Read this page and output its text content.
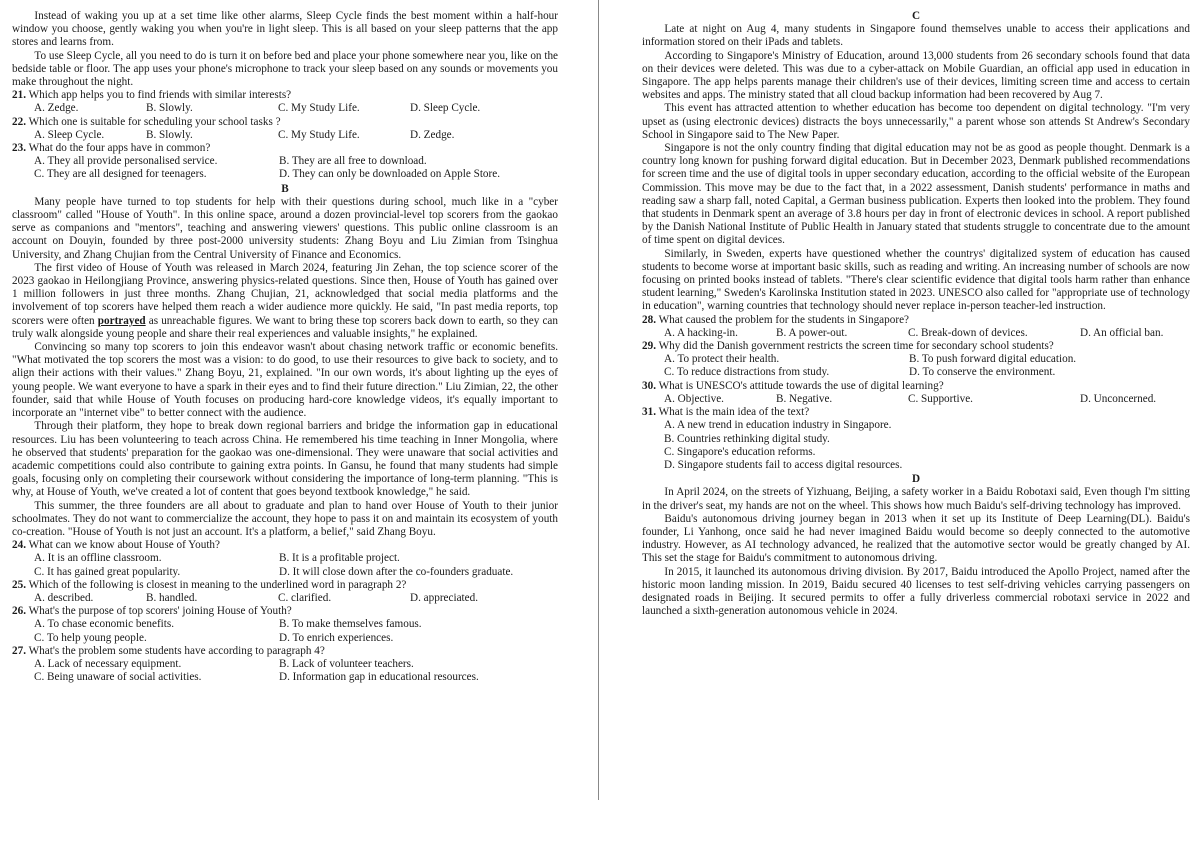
Instead of waking you up at a set time like other alarms, Sleep Cycle finds the best moment within a half-hour window you choose, gently waking you when you're in light sleep. This is all based on your sleep patterns that the app stores and learns from.

To use Sleep Cycle, all you need to do is turn it on before bed and place your phone somewhere near you, like on the bedside table or floor. The app uses your phone's microphone to track your sleep based on any sounds or movements you make throughout the night.

21. Which app helps you to find friends with similar interests?

A. Zedge.	B. Slowly.	C. My Study Life.	D. Sleep Cycle.

22. Which one is suitable for scheduling your school tasks ?

A. Sleep Cycle.	B. Slowly.	C. My Study Life.	D. Zedge.

23. What do the four apps have in common?

A. They all provide personalised service.	B. They are all free to download.
C. They are all designed for teenagers.	D. They can only be downloaded on Apple Store.

B

Many people have turned to top students for help with their questions during school, much like in a "cyber classroom" called "House of Youth". In this online space, around a dozen provincial-level top scorers from the gaokao serve as companions and "mentors", teaching and answering viewers' questions. This public online classroom is an account on Douyin, founded by three post-2000 university students: Zhang Boyu and Liu Zimian from Tsinghua University, and Zhang Chujian from the Central University of Finance and Economics.

The first video of House of Youth was released in March 2024, featuring Jin Zehan, the top science scorer of the 2023 gaokao in Heilongjiang Province, answering physics-related questions. Since then, House of Youth has gained over 1 million followers in just three months. Zhang Chujian, 21, acknowledged that social media platforms and the involvement of top scorers have helped them reach a wider audience more quickly. He said, "In past media reports, top scorers were often portrayed as unreachable figures. We want to bring these top scorers back down to earth, so they can truly walk alongside young people and share their real experiences and valuable insights," he explained.

Convincing so many top scorers to join this endeavor wasn't about chasing network traffic or economic benefits. "What motivated the top scorers the most was a vision: to do good, to use their resources to give back to society, and to align their actions with their values." Zhang Boyu, 21, explained. "In our own words, it's about lighting up the eyes of young people. We want everyone to have a spark in their eyes and to find their future direction." Liu Zimian, 22, the other founder, said that while House of Youth focuses on producing hard-core knowledge videos, it's equally important to incorporate an "internet vibe" to better connect with the audience.

Through their platform, they hope to break down regional barriers and bridge the information gap in educational resources. Liu has been volunteering to teach across China. He remembered his time teaching in Inner Mongolia, where he observed that students' preparation for the gaokao was one-dimensional. They were unaware that social activities and academic competitions could also contribute to gaining extra points. In Gansu, he found that many students had simple goals, focusing only on completing their coursework without considering the importance of long-term planning. "This is why, at House of Youth, we've created a lot of content that goes beyond textbook knowledge," he said.

This summer, the three founders are all about to graduate and plan to hand over House of Youth to their junior schoolmates. They do not want to commercialize the account, they hope to pass it on and maintain its ecosystem of youth co-creation. "House of Youth is not just an account. It's a platform, a belief," said Zhang Boyu.

24. What can we know about House of Youth?

A. It is an offline classroom.	B. It is a profitable project.
C. It has gained great popularity.	D. It will close down after the co-founders graduate.

25. Which of the following is closest in meaning to the underlined word in paragraph 2?

A. described.	B. handled.	C. clarified.	D. appreciated.

26. What's the purpose of top scorers' joining House of Youth?

A. To chase economic benefits.	B. To make themselves famous.
C. To help young people.	D. To enrich experiences.

27. What's the problem some students have according to paragraph 4?

A. Lack of necessary equipment.	B. Lack of volunteer teachers.
C. Being unaware of social activities.	D. Information gap in educational resources.

C

Late at night on Aug 4, many students in Singapore found themselves unable to access their applications and information stored on their iPads and tablets.

According to Singapore's Ministry of Education, around 13,000 students from 26 secondary schools found that data on their devices were deleted. This was due to a cyber-attack on Mobile Guardian, an official app used in education in Singapore. The app helps parents manage their children's use of their devices, limiting screen time and access to certain websites and apps. The ministry stated that all cloud backup information had been recovered by Aug 7.

This event has attracted attention to whether education has become too dependent on digital technology. "I'm very upset as (using electronic devices) distracts the boys unnecessarily," a parent whose son attends St Andrew's Secondary School in Singapore said to The New Paper.

Singapore is not the only country finding that digital education may not be as good as people thought. Denmark is a country long known for pushing forward digital education. But in December 2023, Denmark published recommendations for screen time and the use of digital tools in upper secondary education, according to the official website of the European Commission. This move may be due to the fact that, in a 2022 assessment, Danish students' performance in maths and reading saw a sharp fall, noted Capital, a German business publication. Experts then looked into the problem. They found that students in Denmark spent an average of 3.8 hours per day in front of electronic devices in school. A report published by the Danish National Institute of Public Health in January stated that students struggle to concentrate due to the amount of time spent on digital devices.

Similarly, in Sweden, experts have questioned whether the countrys' digitalized system of education has caused students to become worse at important basic skills, such as reading and writing. An increasing number of schools are now focusing on printed books instead of tablets. "There's clear scientific evidence that digital tools harm rather than enhance student learning," Sweden's Karolinska Institution stated in 2023. UNESCO also called for "appropriate use of technology in education", warning countries that technology should never replace in-person teacher-led instruction.

28. What caused the problem for the students in Singapore?

A. A hacking-in.	B. A power-out.	C. Break-down of devices.	D. An official ban.

29. Why did the Danish government restricts the screen time for secondary school students?

A. To protect their health.	B. To push forward digital education.
C. To reduce distractions from study.	D. To conserve the environment.

30. What is UNESCO's attitude towards the use of digital learning?

A. Objective.	B. Negative.	C. Supportive.	D. Unconcerned.

31. What is the main idea of the text?

A. A new trend in education industry in Singapore.
B. Countries rethinking digital study.
C. Singapore's education reforms.
D. Singapore students fail to access digital resources.

D

In April 2024, on the streets of Yizhuang, Beijing, a safety worker in a Baidu Robotaxi said, Even though I'm sitting in the driver's seat, my hands are not on the wheel. This shows how much Baidu's self-driving technology has improved.

Baidu's autonomous driving journey began in 2013 when it set up its Institute of Deep Learning(DL). Baidu's founder, Li Yanhong, once said he had never imagined Baidu would become so deeply connected to the automotive industry. However, as AI technology advanced, he realized that the automotive sector would be greatly changed by AI. This set the stage for Baidu's commitment to autonomous driving.

In 2015, it launched its autonomous driving division. By 2017, Baidu introduced the Apollo Project, named after the historic moon landing mission. In 2019, Baidu secured 40 licenses to test self-driving vehicles carrying passengers on designated roads in Beijing. It secured permits to offer a fully driverless commercial robotaxi service in 2022 and launched a sixth-generation autonomous vehicle in 2024.
